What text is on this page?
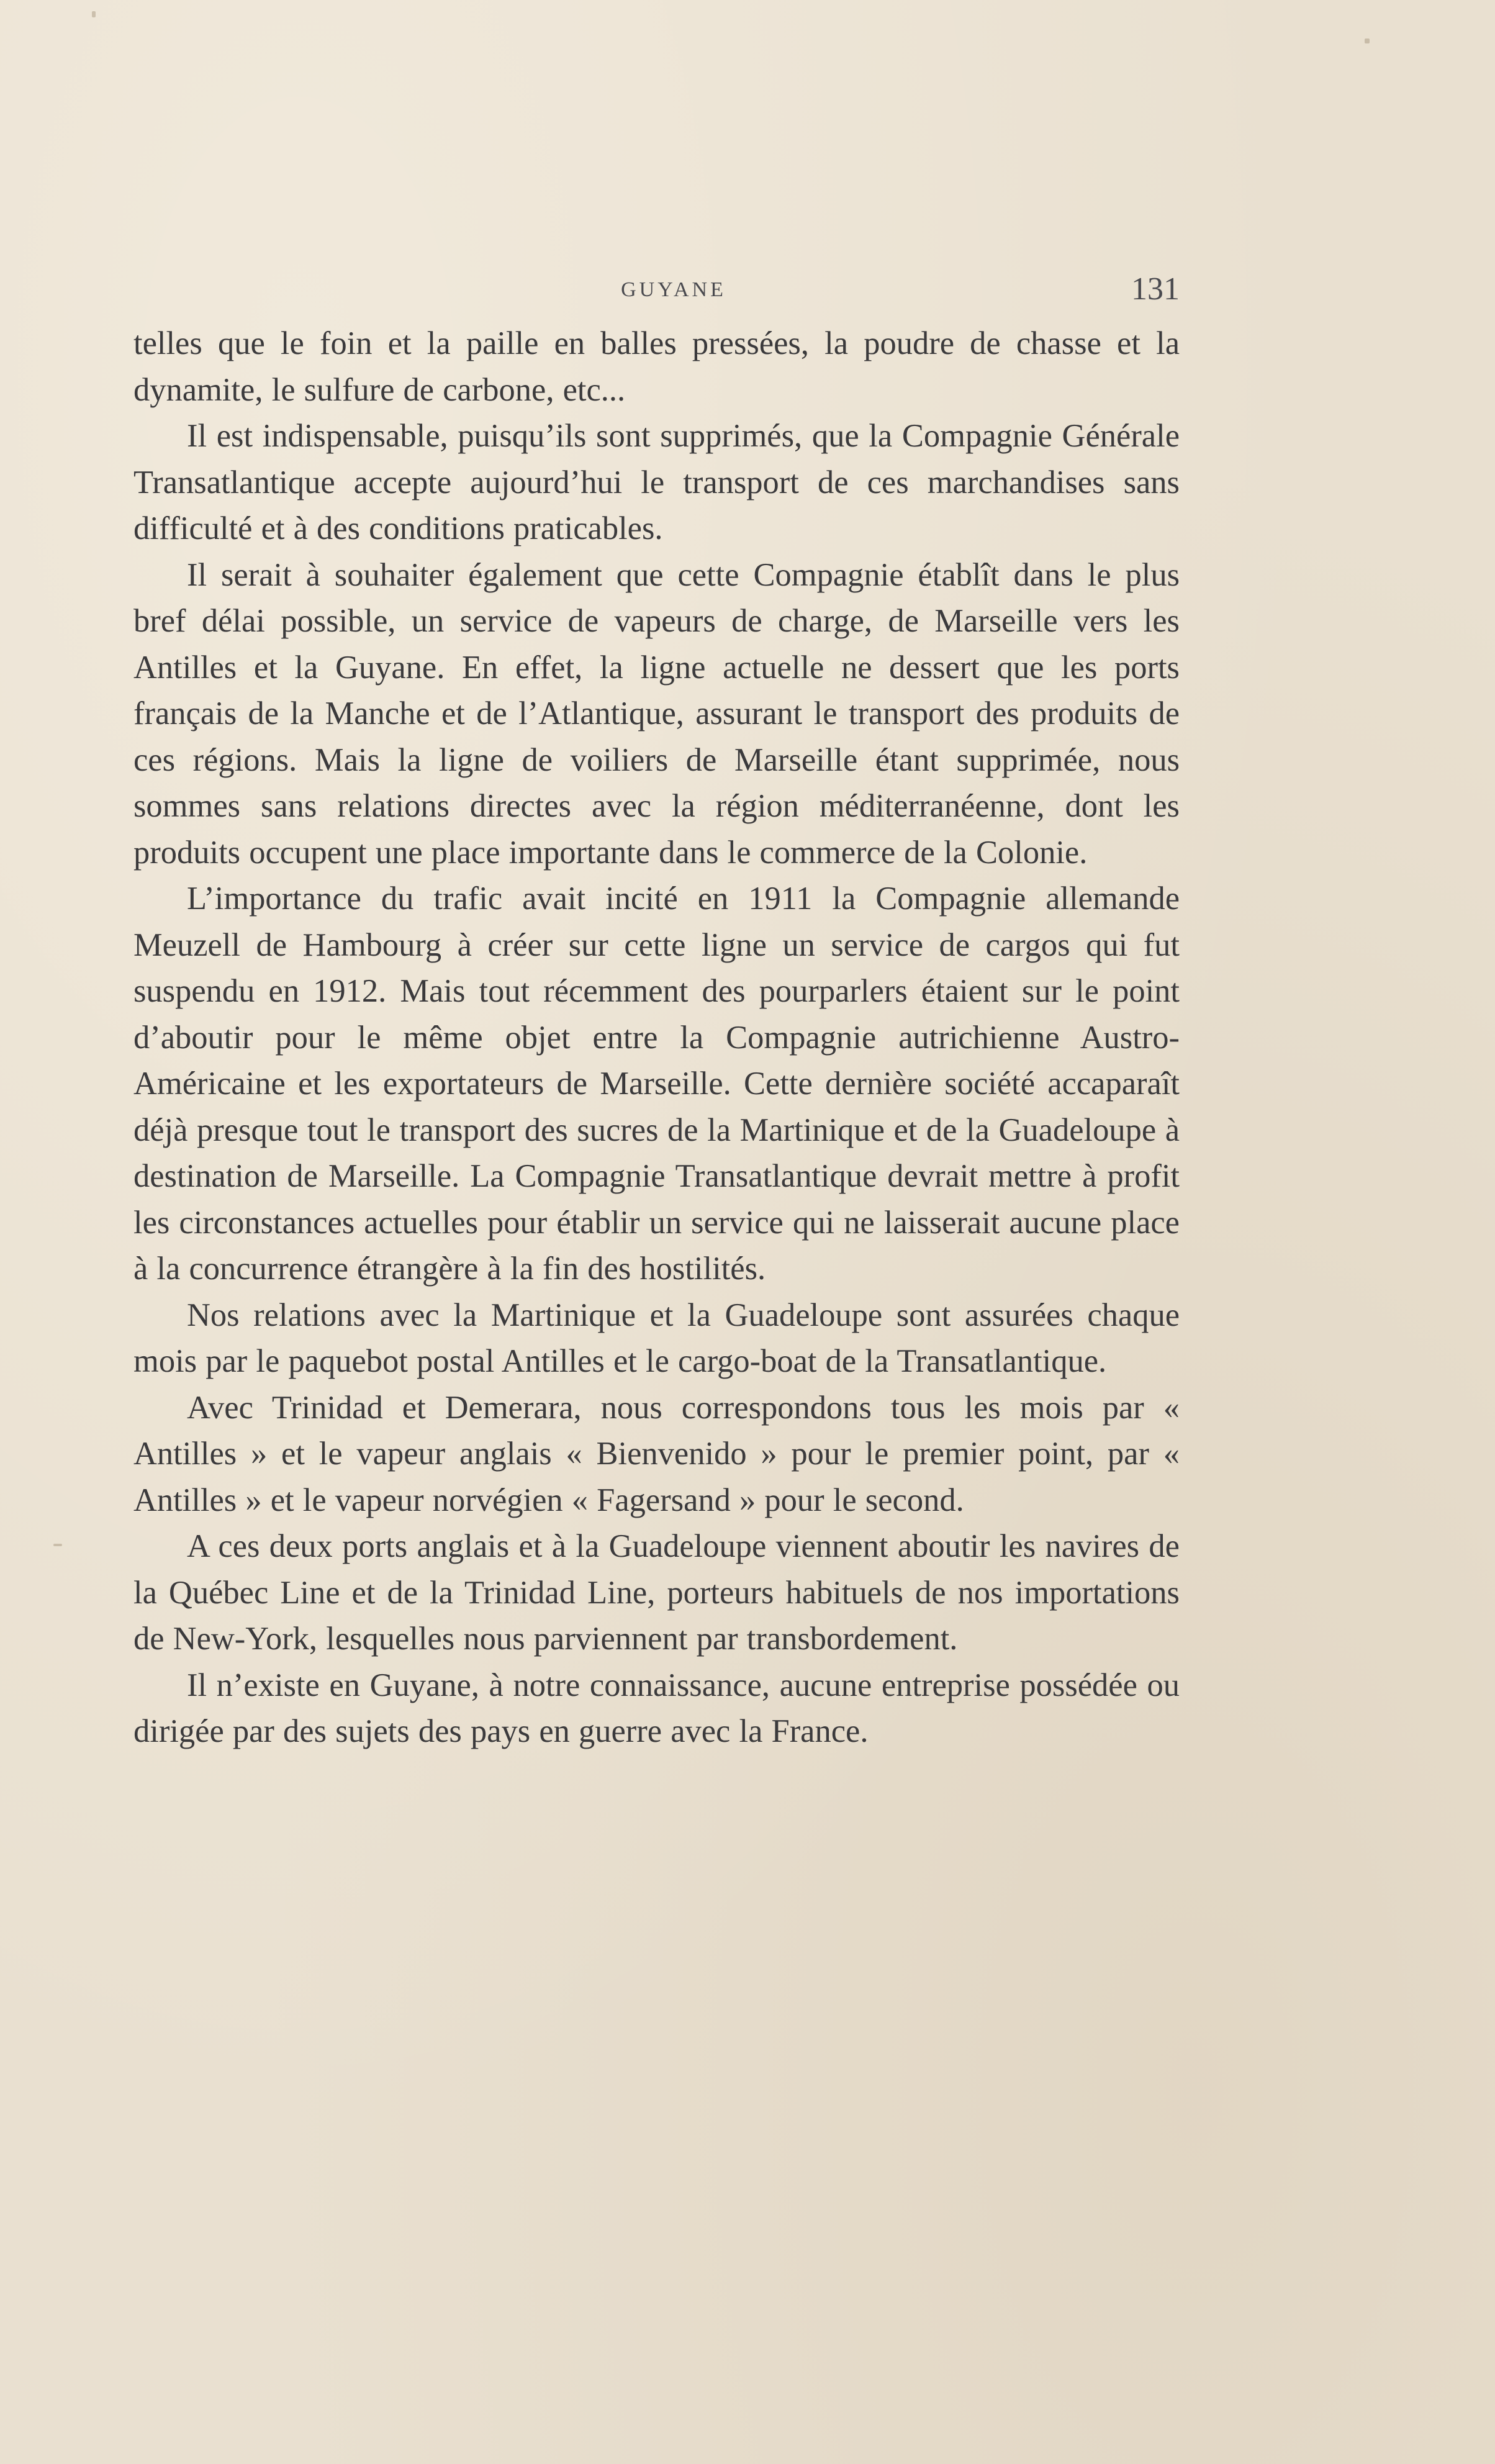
GUYANE	131

telles que le foin et la paille en balles pressées, la poudre de chasse et la dynamite, le sulfure de carbone, etc...

Il est indispensable, puisqu’ils sont supprimés, que la Compagnie Générale Transatlantique accepte aujourd’hui le transport de ces marchandises sans difficulté et à des conditions praticables.

Il serait à souhaiter également que cette Compagnie établît dans le plus bref délai possible, un service de vapeurs de charge, de Marseille vers les Antilles et la Guyane. En effet, la ligne actuelle ne dessert que les ports français de la Manche et de l’Atlantique, assurant le transport des produits de ces régions. Mais la ligne de voiliers de Marseille étant supprimée, nous sommes sans relations directes avec la région méditerranéenne, dont les produits occupent une place importante dans le commerce de la Colonie.

L’importance du trafic avait incité en 1911 la Compagnie allemande Meuzell de Hambourg à créer sur cette ligne un service de cargos qui fut suspendu en 1912. Mais tout récemment des pourparlers étaient sur le point d’aboutir pour le même objet entre la Compagnie autrichienne Austro-Américaine et les exportateurs de Marseille. Cette dernière société accaparaît déjà presque tout le transport des sucres de la Martinique et de la Guadeloupe à destination de Marseille. La Compagnie Transatlantique devrait mettre à profit les circonstances actuelles pour établir un service qui ne laisserait aucune place à la concurrence étrangère à la fin des hostilités.

Nos relations avec la Martinique et la Guadeloupe sont assurées chaque mois par le paquebot postal Antilles et le cargo-boat de la Transatlantique.

Avec Trinidad et Demerara, nous correspondons tous les mois par « Antilles » et le vapeur anglais « Bienvenido » pour le premier point, par « Antilles » et le vapeur norvégien « Fagersand » pour le second.

A ces deux ports anglais et à la Guadeloupe viennent aboutir les navires de la Québec Line et de la Trinidad Line, porteurs habituels de nos importations de New-York, lesquelles nous parviennent par transbordement.

Il n’existe en Guyane, à notre connaissance, aucune entreprise possédée ou dirigée par des sujets des pays en guerre avec la France.
